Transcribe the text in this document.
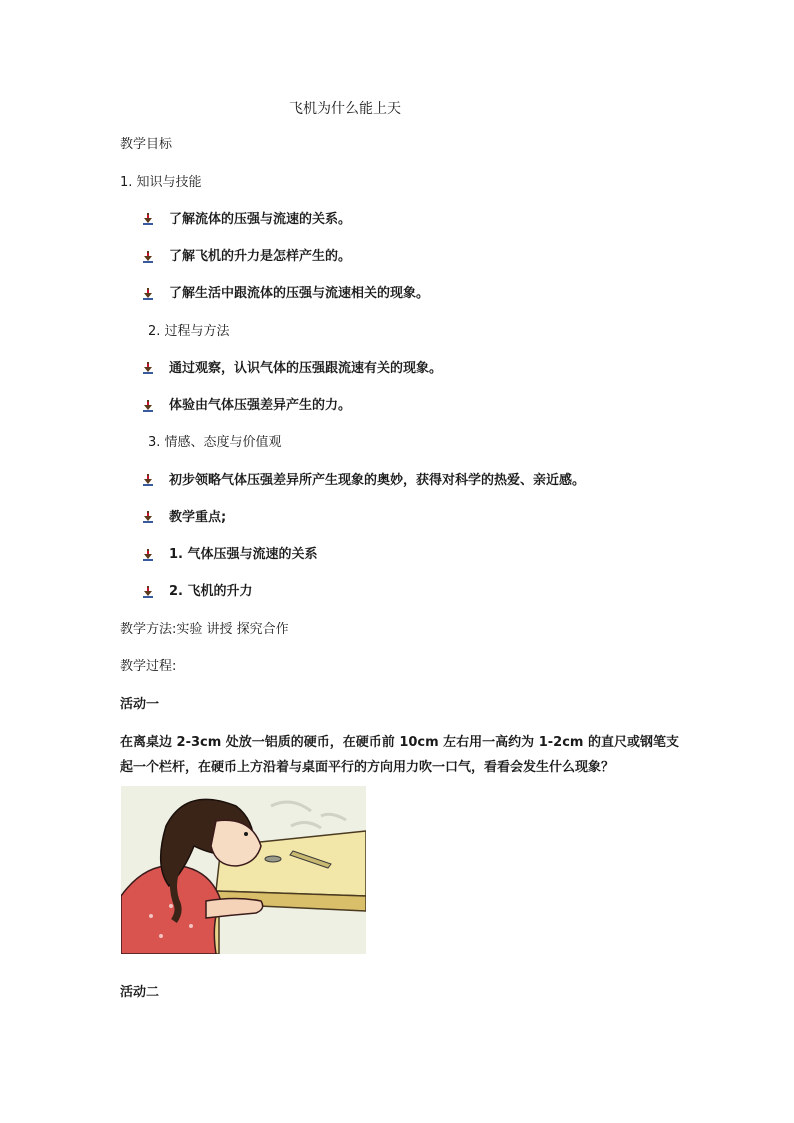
飞机为什么能上天
教学目标
1. 知识与技能
了解流体的压强与流速的关系。
了解飞机的升力是怎样产生的。
了解生活中跟流体的压强与流速相关的现象。
2. 过程与方法
通过观察，认识气体的压强跟流速有关的现象。
体验由气体压强差异产生的力。
3. 情感、态度与价值观
初步领略气体压强差异所产生现象的奥妙，获得对科学的热爱、亲近感。
教学重点;
1. 气体压强与流速的关系
2. 飞机的升力
教学方法:实验 讲授 探究合作
教学过程:
活动一
在离桌边 2-3cm 处放一铝质的硬币，在硬币前 10cm 左右用一高约为 1-2cm 的直尺或钢笔支起一个栏杆，在硬币上方沿着与桌面平行的方向用力吹一口气，看看会发生什么现象？
活动二
